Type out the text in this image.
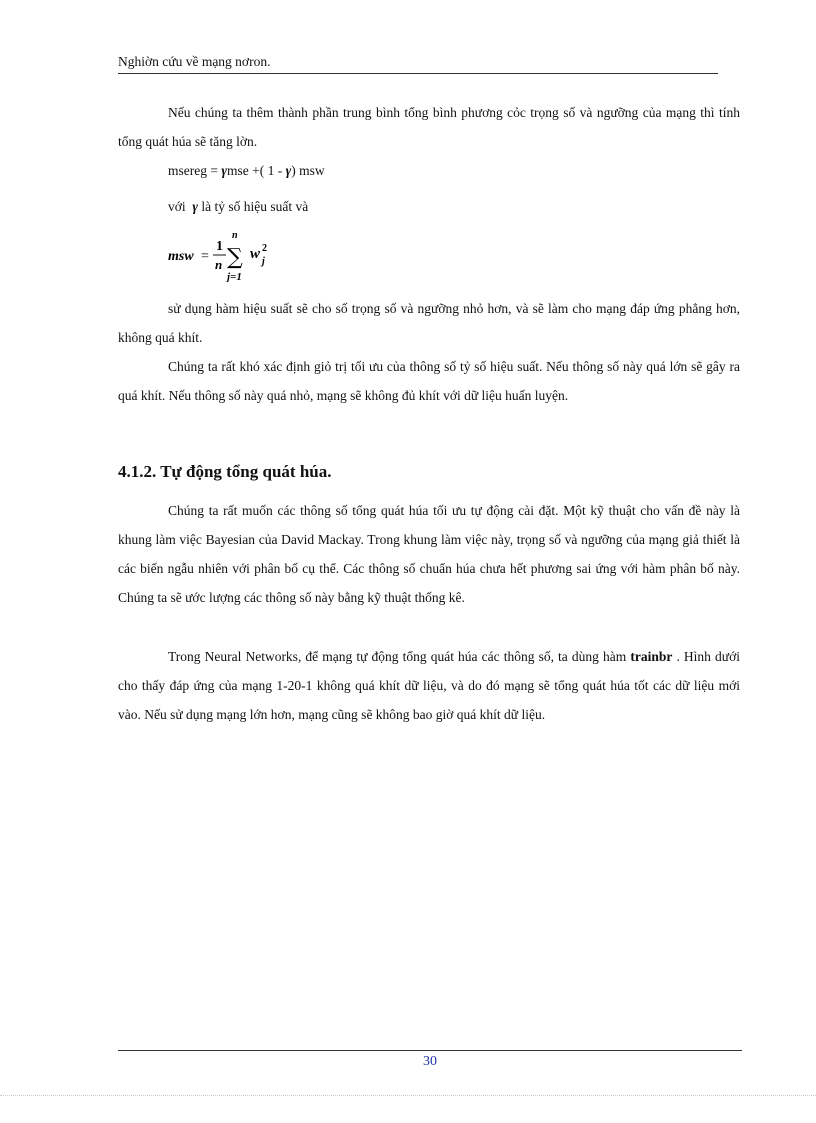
Nghiờn cứu về mạng nơron.

Nếu chúng ta thêm thành phần trung bình tổng bình phương cỏc trọng số và ngưỡng của mạng thì tính tổng quát húa sẽ tăng lờn.

msereg = γmse +( 1 - γ) msw

với γ là tỷ số hiệu suất và

msw =
1
n
n
∑
j=1
w 2
j

sử dụng hàm hiệu suất sẽ cho số trọng số và ngưỡng nhỏ hơn, và sẽ làm cho mạng đáp ứng phẳng hơn, không quá khít.

Chúng ta rất khó xác định giỏ trị tối ưu của thông số tỷ số hiệu suất. Nếu thông số này quá lớn sẽ gây ra quá khít. Nếu thông số này quá nhỏ, mạng sẽ không đủ khít với dữ liệu huấn luyện.

4.1.2. Tự động tổng quát húa.

Chúng ta rất muốn các thông số tổng quát húa tối ưu tự động cài đặt. Một kỹ thuật cho vấn đề này là khung làm việc Bayesian của David Mackay. Trong khung làm việc này, trọng số và ngưỡng của mạng giả thiết là các biến ngẫu nhiên với phân bố cụ thể. Các thông số chuẩn húa chưa hết phương sai ứng với hàm phân bố này. Chúng ta sẽ ước lượng các thông số này bằng kỹ thuật thống kê.

Trong Neural Networks, để mạng tự động tổng quát húa các thông số, ta dùng hàm trainbr . Hình dưới cho thấy đáp ứng của mạng 1-20-1 không quá khít dữ liệu, và do đó mạng sẽ tổng quát húa tốt các dữ liệu mới vào. Nếu sử dụng mạng lớn hơn, mạng cũng sẽ không bao giờ quá khít dữ liệu.

30
